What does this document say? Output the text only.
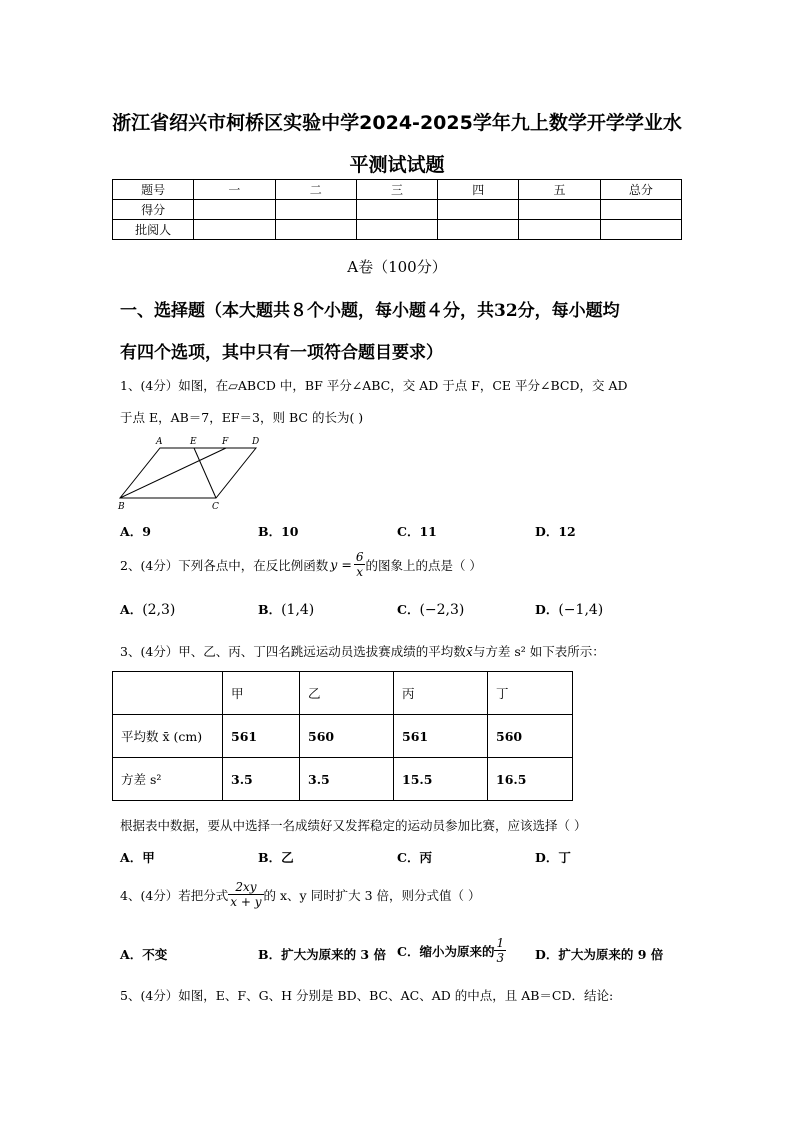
浙江省绍兴市柯桥区实验中学2024-2025学年九上数学开学学业水
平测试试题
题号	一	二	三	四	五	总分
得分						
批阅人						
A卷（100分）
一、选择题（本大题共８个小题，每小题４分，共32分，每小题均
有四个选项，其中只有一项符合题目要求）
1、(4分）如图，在▱ABCD 中，BF 平分∠ABC，交 AD 于点 F，CE 平分∠BCD，交 AD
于点 E，AB＝7，EF＝3，则 BC 的长为( )
A	E	F	D
B	C
A．9	B．10	C．11	D．12
2、(4分）下列各点中，在反比例函数 $y = \frac{6}{x}$ 的图象上的点是（ ）
A．(2,3)	B．(1,4)	C．(−2,3)	D．(−1,4)
3、(4分）甲、乙、丙、丁四名跳远运动员选拔赛成绩的平均数x̄与方差 s² 如下表所示：
	甲	乙	丙	丁
平均数 x̄ (cm)	561	560	561	560
方差 s²	3.5	3.5	15.5	16.5
根据表中数据，要从中选择一名成绩好又发挥稳定的运动员参加比赛，应该选择（ ）
A．甲	B．乙	C．丙	D．丁
4、(4分）若把分式 $\frac{2xy}{x + y}$ 的 x、y 同时扩大 3 倍，则分式值（ ）
A．不变	B．扩大为原来的 3 倍 C．缩小为原来的 $\frac{1}{3}$ D．扩大为原来的 9 倍
5、(4分）如图，E、F、G、H 分别是 BD、BC、AC、AD 的中点，且 AB＝CD．结论:
